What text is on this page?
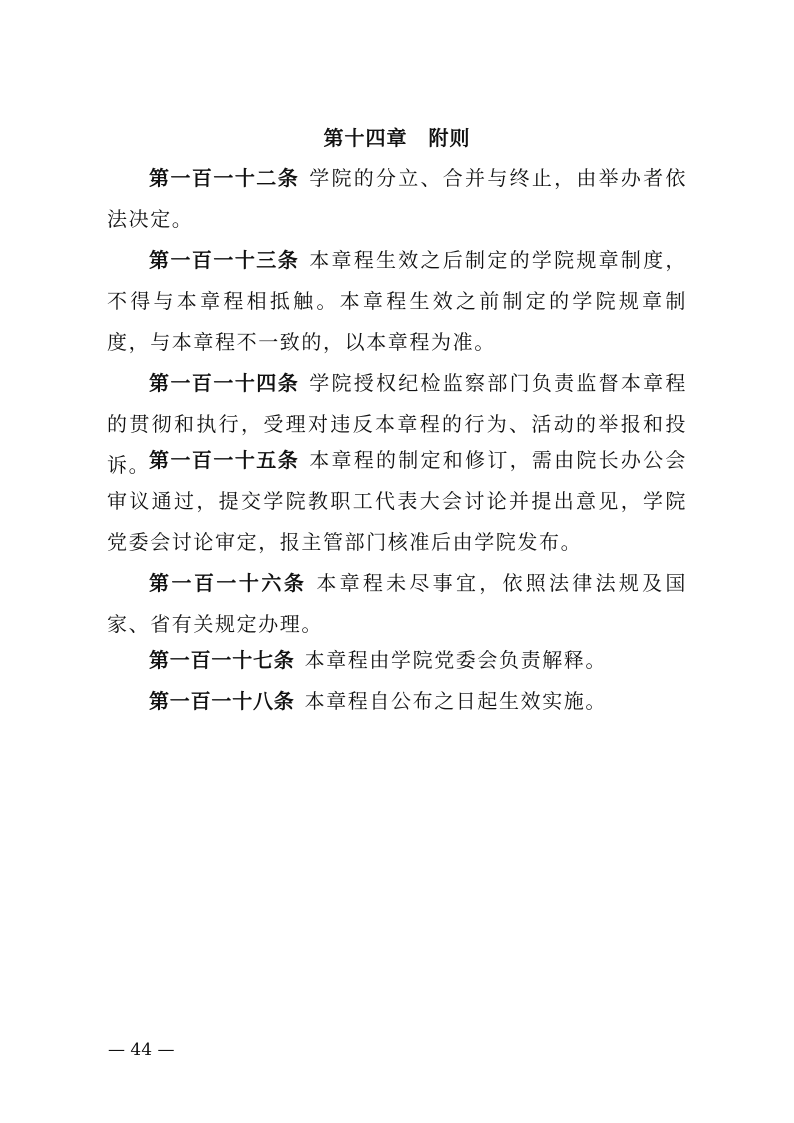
第十四章　附则

第一百一十二条 学院的分立、合并与终止，由举办者依法决定。

第一百一十三条 本章程生效之后制定的学院规章制度，不得与本章程相抵触。本章程生效之前制定的学院规章制度，与本章程不一致的，以本章程为准。

第一百一十四条 学院授权纪检监察部门负责监督本章程的贯彻和执行，受理对违反本章程的行为、活动的举报和投诉。

第一百一十五条 本章程的制定和修订，需由院长办公会审议通过，提交学院教职工代表大会讨论并提出意见，学院党委会讨论审定，报主管部门核准后由学院发布。

第一百一十六条 本章程未尽事宜，依照法律法规及国家、省有关规定办理。

第一百一十七条 本章程由学院党委会负责解释。

第一百一十八条 本章程自公布之日起生效实施。

— 44 —
